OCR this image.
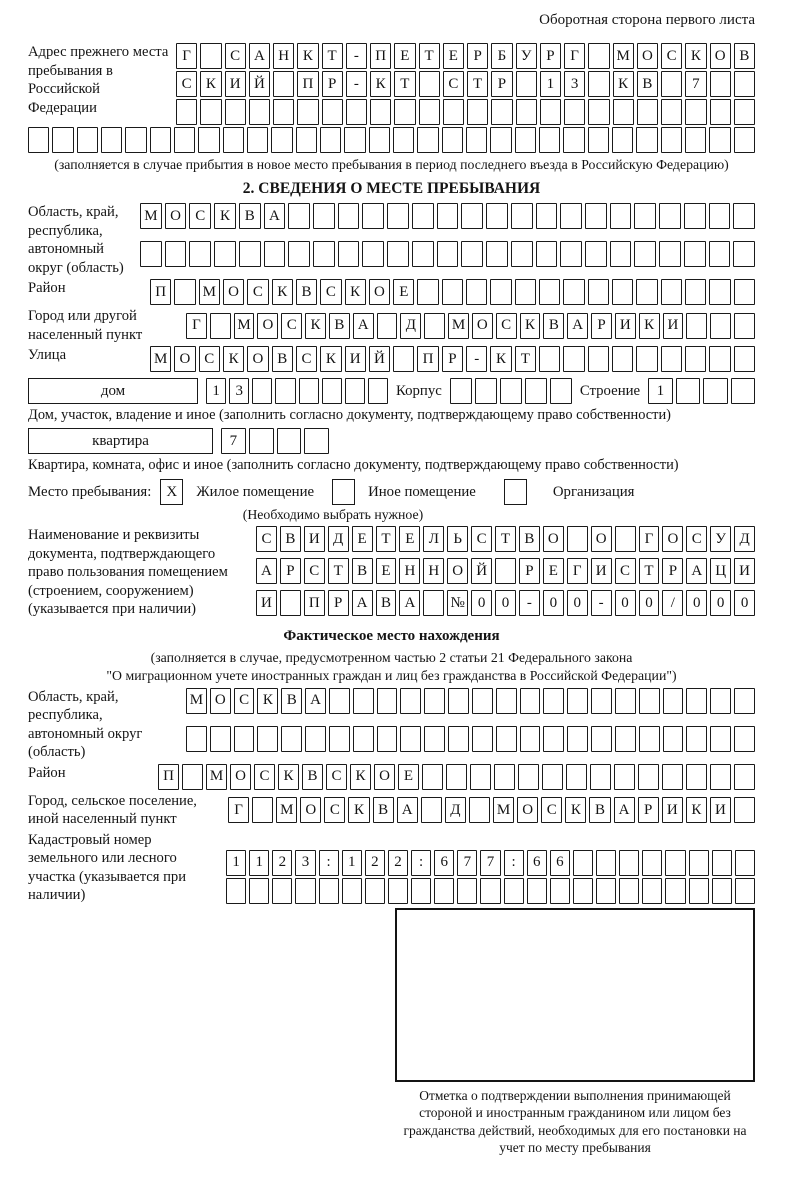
Оборотная сторона первого листа
Адрес прежнего места пребывания в Российской Федерации
Г	С А Н К Т	-	П Е	Т	Е	Р	Б У Р	Г	М О С К О В
С К И Й	П Р	-	К Т	С Т	Р	1	3	К В	7
(заполняется в случае прибытия в новое место пребывания в период последнего въезда в Российскую Федерацию)
2. СВЕДЕНИЯ О МЕСТЕ ПРЕБЫВАНИЯ
Область, край, республика, автономный округ (область)
М О С К В А
Район	П	М О С К В С К О Е
Город или другой населенный пункт
Г	М О С К В А	Д	М О С К В А Р И К И
Улица	М О С К О В С К И Й	П Р	-	К Т
дом	1	3	Корпус	Строение	1
Дом, участок, владение и иное (заполнить согласно документу, подтверждающему право собственности)
квартира	7
Квартира, комната, офис и иное (заполнить согласно документу, подтверждающему право собственности)
Место пребывания:	X	Жилое помещение	Иное помещение	Организация
(Необходимо выбрать нужное)
Наименование и реквизиты документа, подтверждающего право пользования помещением (строением, сооружением) (указывается при наличии)
С В И Д Е Т Е Л Ь С Т В О	О	Г О С У Д
А Р С Т В Е Н Н О Й	Р	Е Г И С Т	Р А Ц И
И	П Р А В А	№ 0	0	-	0	0	-	0	0	/	0	0	0
Фактическое место нахождения
(заполняется в случае, предусмотренном частью 2 статьи 21 Федерального закона
"О миграционном учете иностранных граждан и лиц без гражданства в Российской Федерации")
Область, край, республика, автономный округ (область)
М О С К В А
Район	П	М О С К В С К О Е
Город, сельское поселение, иной населенный пункт
Г	М О С К В А	Д	М О С К В А Р И К И
Кадастровый номер земельного или лесного участка (указывается при наличии)
1	1	2	3	:	1	2	2	:	6	7	7	:	6	6
Отметка о подтверждении выполнения принимающей стороной и иностранным гражданином или лицом без гражданства действий, необходимых для его постановки на учет по месту пребывания
